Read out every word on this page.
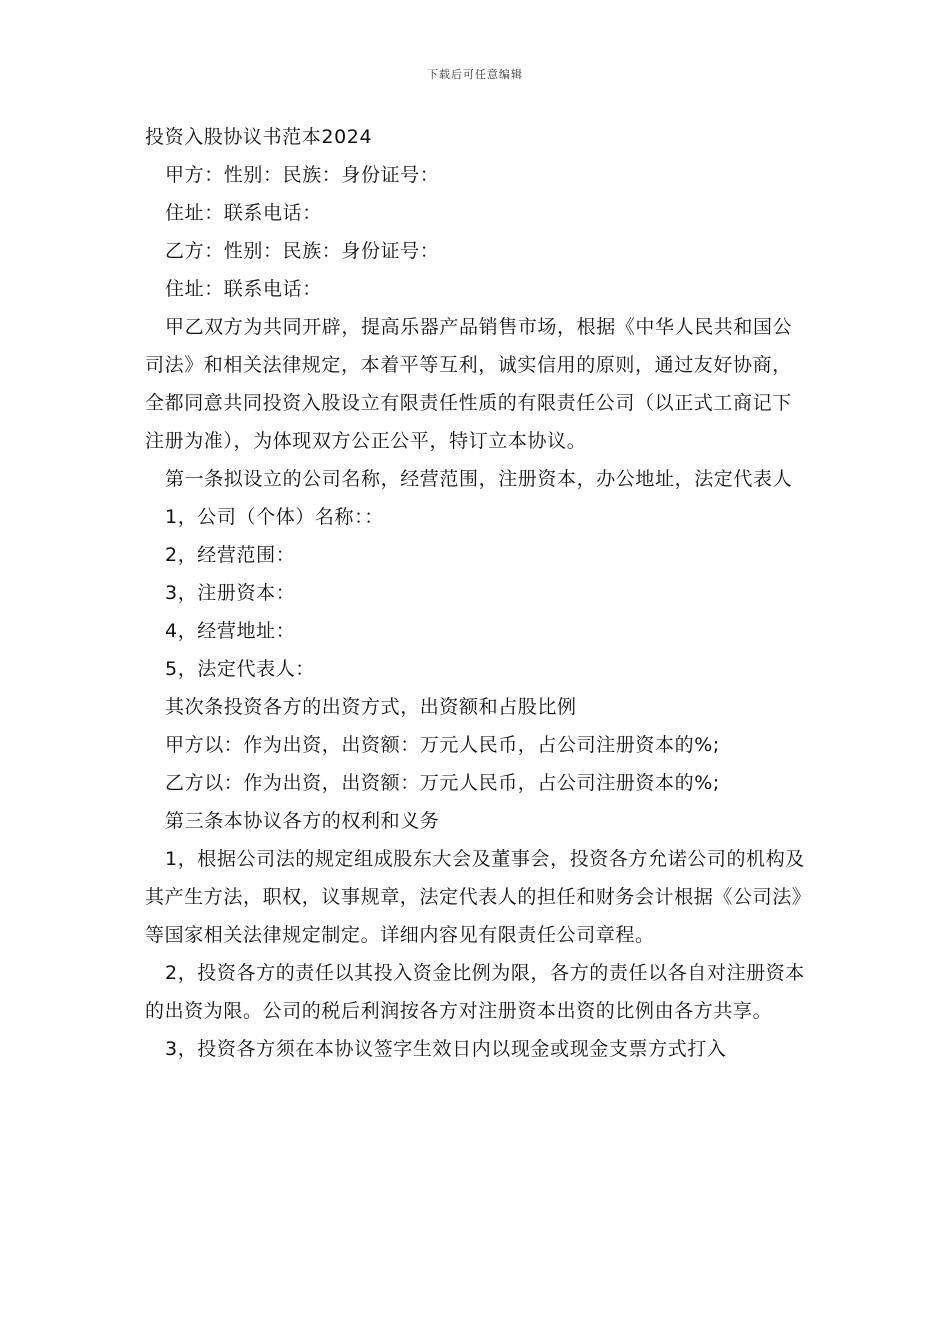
下载后可任意编辑

投资入股协议书范本2024

甲方：性别：民族：身份证号：

住址：联系电话：

乙方：性别：民族：身份证号：

住址：联系电话：

甲乙双方为共同开辟，提高乐器产品销售市场，根据《中华人民共和国公司法》和相关法律规定，本着平等互利，诚实信用的原则，通过友好协商，全都同意共同投资入股设立有限责任性质的有限责任公司（以正式工商记下注册为准），为体现双方公正公平，特订立本协议。

第一条拟设立的公司名称，经营范围，注册资本，办公地址，法定代表人

1，公司（个体）名称：：

2，经营范围：

3，注册资本：

4，经营地址：

5，法定代表人：

其次条投资各方的出资方式，出资额和占股比例

甲方以：作为出资，出资额：万元人民币，占公司注册资本的%;

乙方以：作为出资，出资额：万元人民币，占公司注册资本的%;

第三条本协议各方的权利和义务

1，根据公司法的规定组成股东大会及董事会，投资各方允诺公司的机构及其产生方法，职权，议事规章，法定代表人的担任和财务会计根据《公司法》等国家相关法律规定制定。详细内容见有限责任公司章程。

2，投资各方的责任以其投入资金比例为限，各方的责任以各自对注册资本的出资为限。公司的税后利润按各方对注册资本出资的比例由各方共享。

3，投资各方须在本协议签字生效日内以现金或现金支票方式打入
